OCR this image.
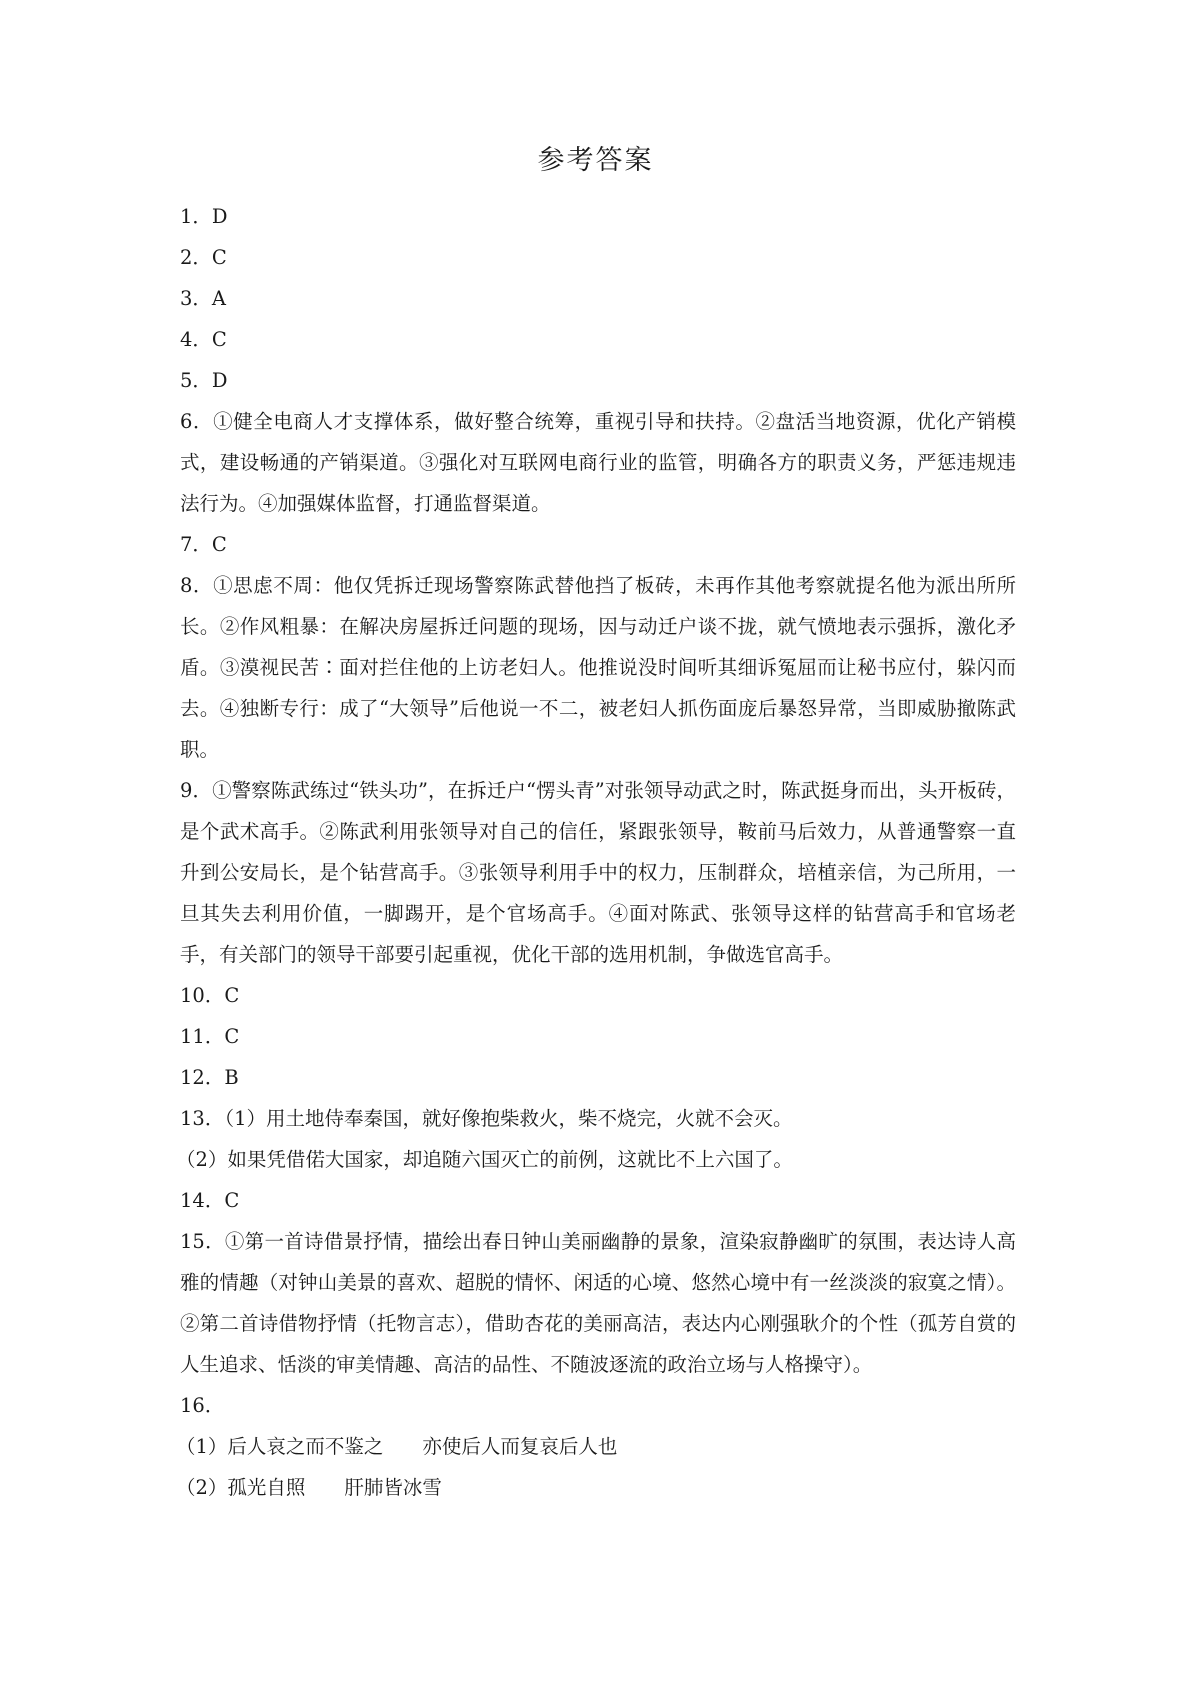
参考答案

1．D

2．C

3．A

4．C

5．D

6．①健全电商人才支撑体系，做好整合统筹，重视引导和扶持。②盘活当地资源，优化产销模式，建设畅通的产销渠道。③强化对互联网电商行业的监管，明确各方的职责义务，严惩违规违法行为。④加强媒体监督，打通监督渠道。

7．C

8．①思虑不周：他仅凭拆迁现场警察陈武替他挡了板砖，未再作其他考察就提名他为派出所所长。②作风粗暴：在解决房屋拆迁问题的现场，因与动迁户谈不拢，就气愤地表示强拆，激化矛盾。③漠视民苦∶面对拦住他的上访老妇人。他推说没时间听其细诉冤屈而让秘书应付，躲闪而去。④独断专行：成了“大领导”后他说一不二，被老妇人抓伤面庞后暴怒异常，当即威胁撤陈武职。

9．①警察陈武练过“铁头功”，在拆迁户“愣头青”对张领导动武之时，陈武挺身而出，头开板砖，是个武术高手。②陈武利用张领导对自己的信任，紧跟张领导，鞍前马后效力，从普通警察一直升到公安局长，是个钻营高手。③张领导利用手中的权力，压制群众，培植亲信，为己所用，一旦其失去利用价值，一脚踢开，是个官场高手。④面对陈武、张领导这样的钻营高手和官场老手，有关部门的领导干部要引起重视，优化干部的选用机制，争做选官高手。

10．C

11．C

12．B

13．（1）用土地侍奉秦国，就好像抱柴救火，柴不烧完，火就不会灭。

（2）如果凭借偌大国家，却追随六国灭亡的前例，这就比不上六国了。

14．C

15．①第一首诗借景抒情，描绘出春日钟山美丽幽静的景象，渲染寂静幽旷的氛围，表达诗人高雅的情趣（对钟山美景的喜欢、超脱的情怀、闲适的心境、悠然心境中有一丝淡淡的寂寞之情）。②第二首诗借物抒情（托物言志），借助杏花的美丽高洁，表达内心刚强耿介的个性（孤芳自赏的人生追求、恬淡的审美情趣、高洁的品性、不随波逐流的政治立场与人格操守）。

16．

（1）后人哀之而不鉴之　　亦使后人而复哀后人也

（2）孤光自照　　肝肺皆冰雪
